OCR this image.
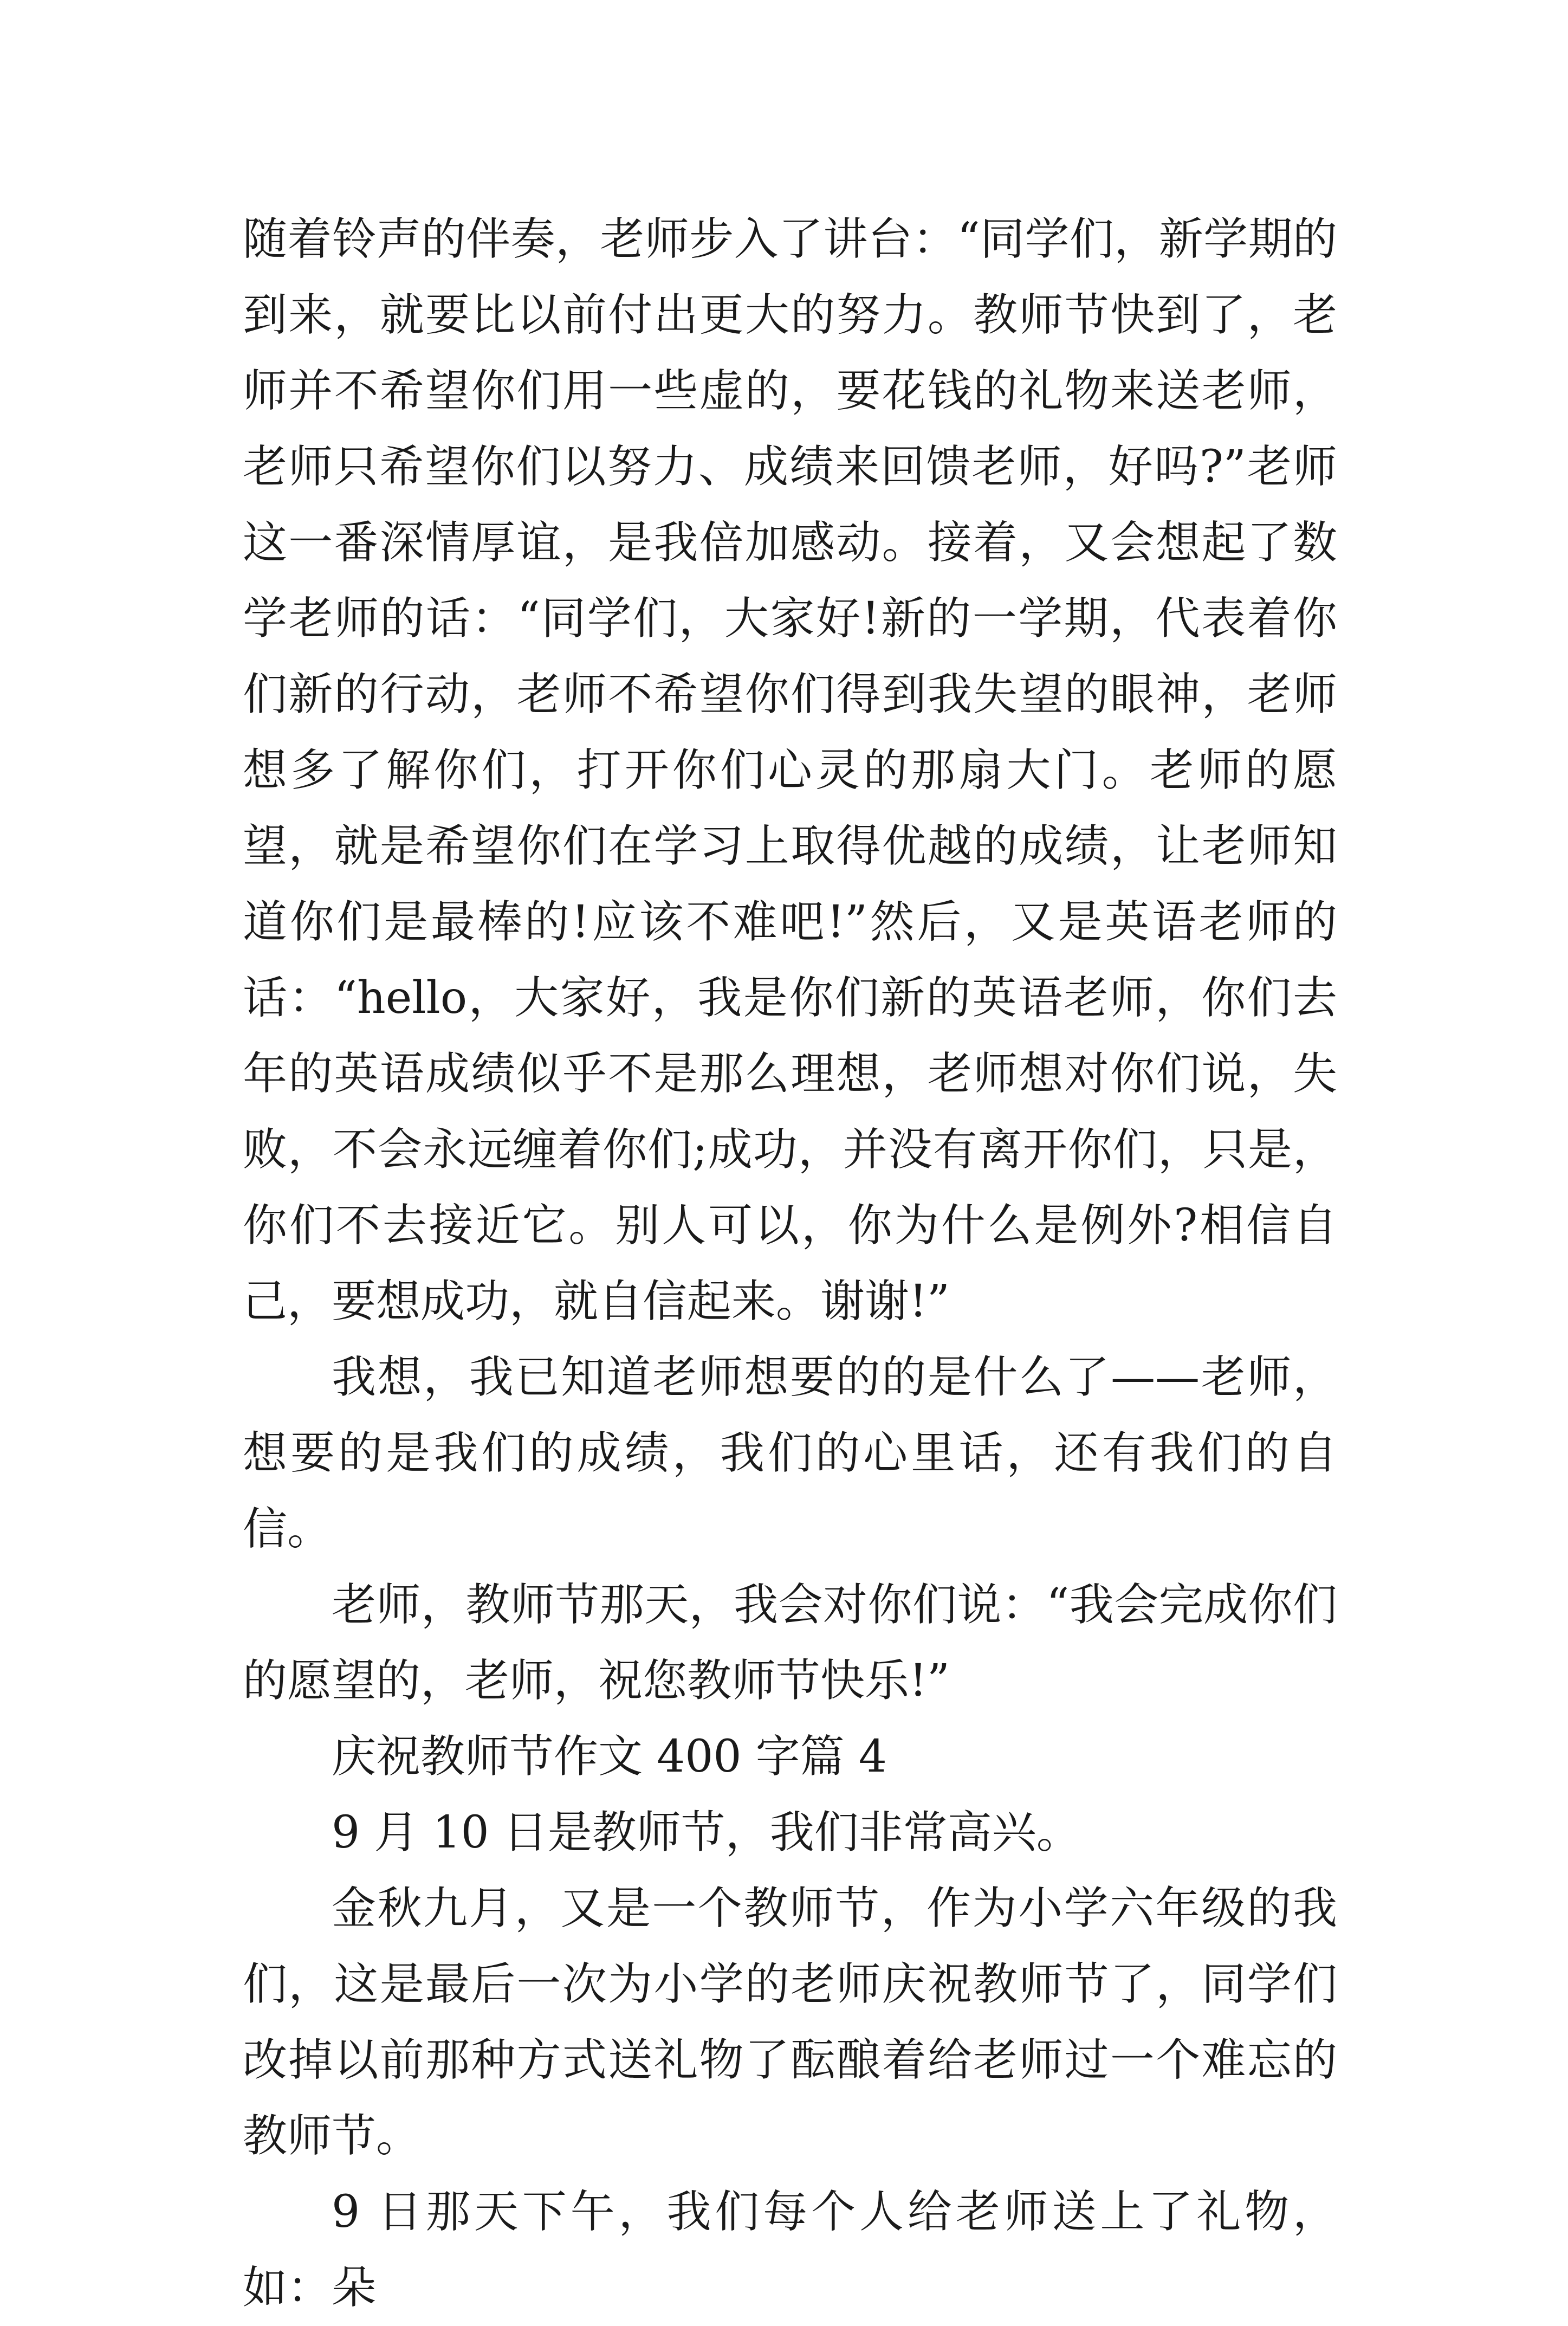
随着铃声的伴奏，老师步入了讲台：“同学们，新学期的到来，就要比以前付出更大的努力。教师节快到了，老师并不希望你们用一些虚的，要花钱的礼物来送老师，老师只希望你们以努力、成绩来回馈老师，好吗?”老师这一番深情厚谊，是我倍加感动。接着，又会想起了数学老师的话：“同学们，大家好!新的一学期，代表着你们新的行动，老师不希望你们得到我失望的眼神，老师想多了解你们，打开你们心灵的那扇大门。老师的愿望，就是希望你们在学习上取得优越的成绩，让老师知道你们是最棒的!应该不难吧!”然后，又是英语老师的话：“hello，大家好，我是你们新的英语老师，你们去年的英语成绩似乎不是那么理想，老师想对你们说，失败，不会永远缠着你们;成功，并没有离开你们，只是，你们不去接近它。别人可以，你为什么是例外?相信自己，要想成功，就自信起来。谢谢!”

我想，我已知道老师想要的的是什么了——老师，想要的是我们的成绩，我们的心里话，还有我们的自信。

老师，教师节那天，我会对你们说：“我会完成你们的愿望的，老师，祝您教师节快乐!”

庆祝教师节作文 400 字篇 4

9 月 10 日是教师节，我们非常高兴。

金秋九月，又是一个教师节，作为小学六年级的我们，这是最后一次为小学的老师庆祝教师节了，同学们改掉以前那种方式送礼物了酝酿着给老师过一个难忘的教师节。

9 日那天下午，我们每个人给老师送上了礼物，如：朵
